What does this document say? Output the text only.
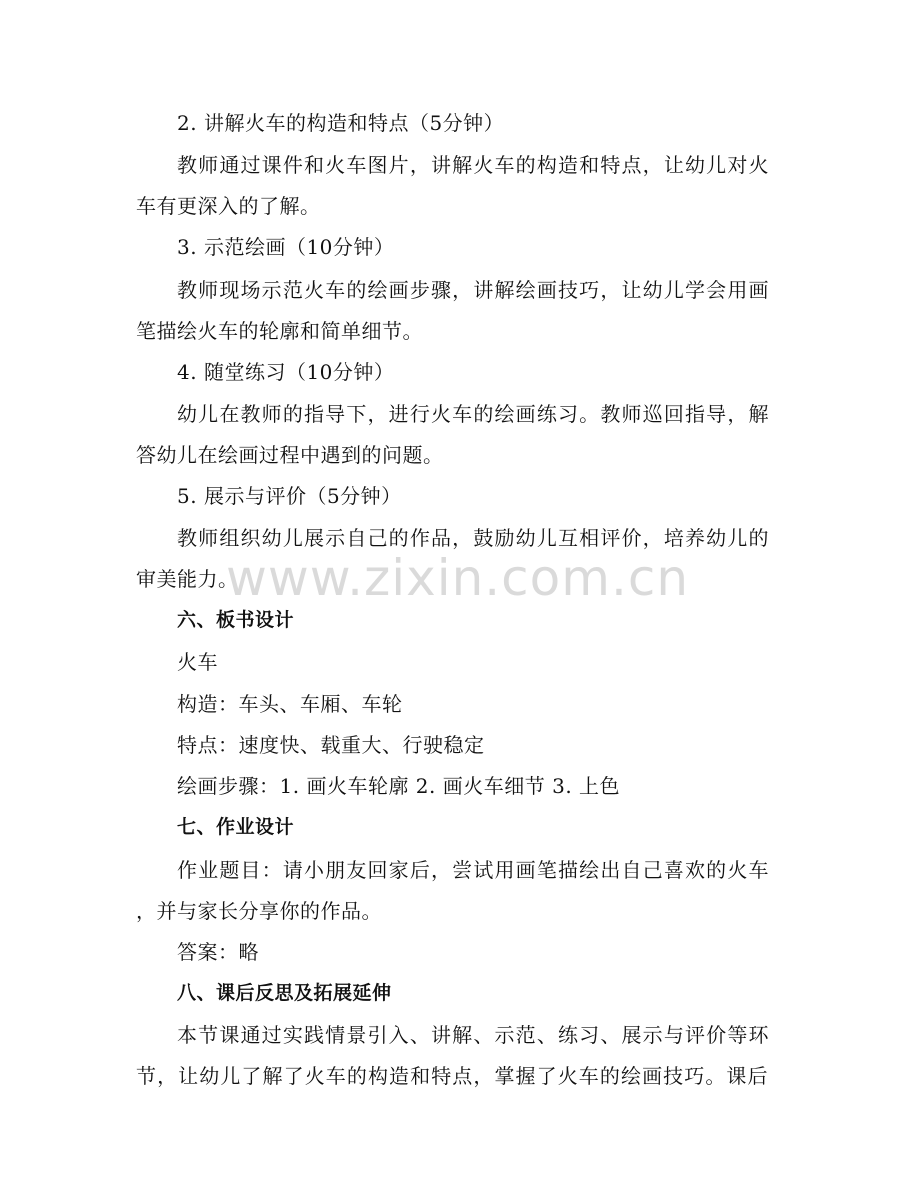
2. 讲解火车的构造和特点（5分钟）
教师通过课件和火车图片，讲解火车的构造和特点，让幼儿对火
车有更深入的了解。
3. 示范绘画（10分钟）
教师现场示范火车的绘画步骤，讲解绘画技巧，让幼儿学会用画
笔描绘火车的轮廓和简单细节。
4. 随堂练习（10分钟）
幼儿在教师的指导下，进行火车的绘画练习。教师巡回指导，解
答幼儿在绘画过程中遇到的问题。
5. 展示与评价（5分钟）
教师组织幼儿展示自己的作品，鼓励幼儿互相评价，培养幼儿的
审美能力。
六、板书设计
火车
构造：车头、车厢、车轮
特点：速度快、载重大、行驶稳定
绘画步骤：1. 画火车轮廓 2. 画火车细节 3. 上色
七、作业设计
作业题目：请小朋友回家后，尝试用画笔描绘出自己喜欢的火车
，并与家长分享你的作品。
答案：略
八、课后反思及拓展延伸
本节课通过实践情景引入、讲解、示范、练习、展示与评价等环
节，让幼儿了解了火车的构造和特点，掌握了火车的绘画技巧。课后
www.zixin.com.cn
